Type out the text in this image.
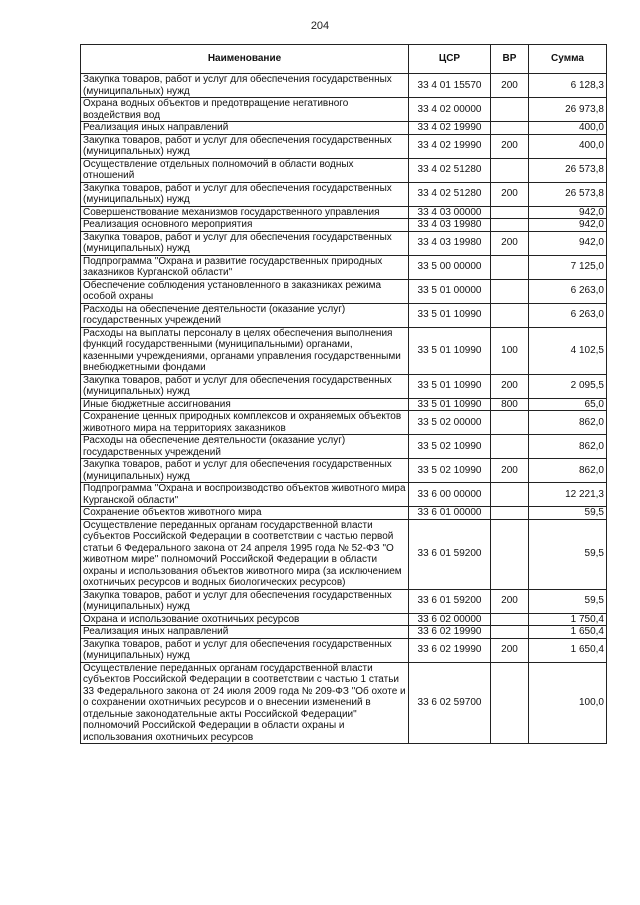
204
Наименование	ЦСР	ВР	Сумма
Закупка товаров, работ и услуг для обеспечения государственных (муниципальных) нужд	33 4 01 15570	200	6 128,3
Охрана водных объектов и предотвращение негативного воздействия вод	33 4 02 00000		26 973,8
Реализация иных направлений	33 4 02 19990		400,0
Закупка товаров, работ и услуг для обеспечения государственных (муниципальных) нужд	33 4 02 19990	200	400,0
Осуществление отдельных полномочий в области водных отношений	33 4 02 51280		26 573,8
Закупка товаров, работ и услуг для обеспечения государственных (муниципальных) нужд	33 4 02 51280	200	26 573,8
Совершенствование механизмов государственного управления	33 4 03 00000		942,0
Реализация основного мероприятия	33 4 03 19980		942,0
Закупка товаров, работ и услуг для обеспечения государственных (муниципальных) нужд	33 4 03 19980	200	942,0
Подпрограмма "Охрана и развитие государственных природных заказников Курганской области"	33 5 00 00000		7 125,0
Обеспечение соблюдения установленного в заказниках режима особой охраны	33 5 01 00000		6 263,0
Расходы на обеспечение деятельности (оказание услуг) государственных учреждений	33 5 01 10990		6 263,0
Расходы на выплаты персоналу в целях обеспечения выполнения функций государственными (муниципальными) органами, казенными учреждениями, органами управления государственными внебюджетными фондами	33 5 01 10990	100	4 102,5
Закупка товаров, работ и услуг для обеспечения государственных (муниципальных) нужд	33 5 01 10990	200	2 095,5
Иные бюджетные ассигнования	33 5 01 10990	800	65,0
Сохранение ценных природных комплексов и охраняемых объектов животного мира на территориях заказников	33 5 02 00000		862,0
Расходы на обеспечение деятельности (оказание услуг) государственных учреждений	33 5 02 10990		862,0
Закупка товаров, работ и услуг для обеспечения государственных (муниципальных) нужд	33 5 02 10990	200	862,0
Подпрограмма "Охрана и воспроизводство объектов животного мира Курганской области"	33 6 00 00000		12 221,3
Сохранение объектов животного мира	33 6 01 00000		59,5
Осуществление переданных органам государственной власти субъектов Российской Федерации в соответствии с частью первой статьи 6 Федерального закона от 24 апреля 1995 года № 52-ФЗ "О животном мире" полномочий Российской Федерации в области охраны и использования объектов животного мира (за исключением охотничьих ресурсов и водных биологических ресурсов)	33 6 01 59200		59,5
Закупка товаров, работ и услуг для обеспечения государственных (муниципальных) нужд	33 6 01 59200	200	59,5
Охрана и использование охотничьих ресурсов	33 6 02 00000		1 750,4
Реализация иных направлений	33 6 02 19990		1 650,4
Закупка товаров, работ и услуг для обеспечения государственных (муниципальных) нужд	33 6 02 19990	200	1 650,4
Осуществление переданных органам государственной власти субъектов Российской Федерации в соответствии с частью 1 статьи 33 Федерального закона от 24 июля 2009 года № 209-ФЗ "Об охоте и о сохранении охотничьих ресурсов и о внесении изменений в отдельные законодательные акты Российской Федерации" полномочий Российской Федерации в области охраны и использования охотничьих ресурсов	33 6 02 59700		100,0
